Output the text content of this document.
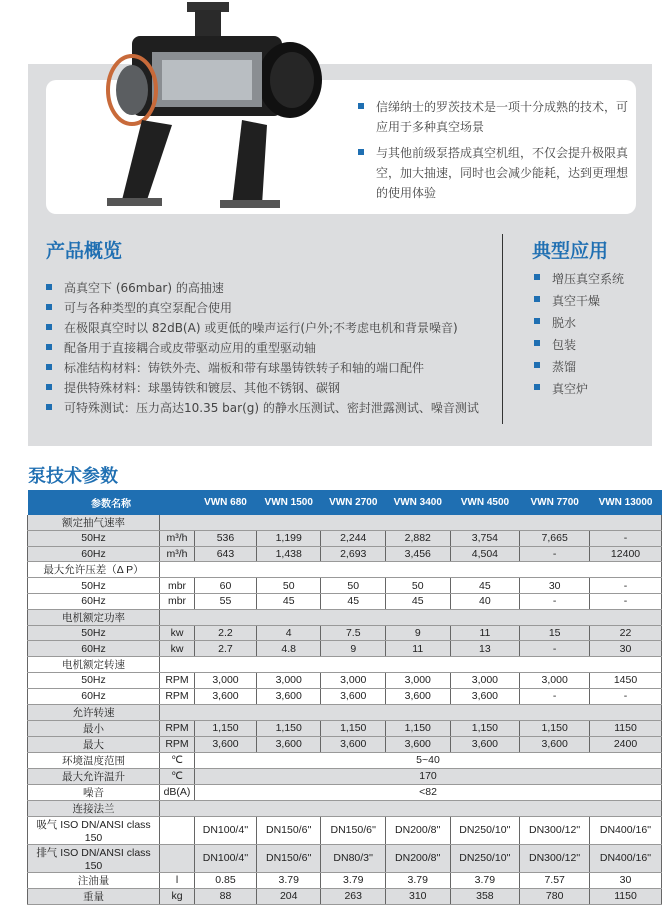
信绨纳士的罗茨技术是一项十分成熟的技术，可应用于多种真空场景
与其他前级泵搭成真空机组，不仅会提升极限真空，加大抽速，同时也会减少能耗，达到更理想的使用体验
产品概览
高真空下 (66mbar) 的高抽速
可与各种类型的真空泵配合使用
在极限真空时以 82dB(A) 或更低的噪声运行(户外;不考虑电机和背景噪音)
配备用于直接耦合或皮带驱动应用的重型驱动轴
标准结构材料：铸铁外壳、端板和带有球墨铸铁转子和轴的端口配件
提供特殊材料：球墨铸铁和镀层、其他不锈钢、碳钢
可特殊测试：压力高达10.35 bar(g) 的静水压测试、密封泄露测试、噪音测试
典型应用
增压真空系统
真空干燥
脱水
包装
蒸馏
真空炉
泵技术参数
参数名称		VWN 680	VWN 1500	VWN 2700	VWN 3400	VWN 4500	VWN 7700	VWN 13000
额定抽气速率								
50Hz	m³/h	536	1,199	2,244	2,882	3,754	7,665	-
60Hz	m³/h	643	1,438	2,693	3,456	4,504	-	12400
最大允许压差（Δ P）								
50Hz	mbr	60	50	50	50	45	30	-
60Hz	mbr	55	45	45	45	40	-	-
电机额定功率								
50Hz	kw	2.2	4	7.5	9	11	15	22
60Hz	kw	2.7	4.8	9	11	13	-	30
电机额定转速								
50Hz	RPM	3,000	3,000	3,000	3,000	3,000	3,000	1450
60Hz	RPM	3,600	3,600	3,600	3,600	3,600	-	-
允许转速								
最小	RPM	1,150	1,150	1,150	1,150	1,150	1,150	1150
最大	RPM	3,600	3,600	3,600	3,600	3,600	3,600	2400
环境温度范围	℃	5~40						
最大允许温升	℃	170						
噪音	dB(A)	<82						
连接法兰								
吸气 ISO DN/ANSI class 150		DN100/4''	DN150/6''	DN150/6''	DN200/8''	DN250/10''	DN300/12''	DN400/16''
排气 ISO DN/ANSI class 150		DN100/4''	DN150/6''	DN80/3''	DN200/8''	DN250/10''	DN300/12''	DN400/16''
注油量	l	0.85	3.79	3.79	3.79	3.79	7.57	30
重量	kg	88	204	263	310	358	780	1150
